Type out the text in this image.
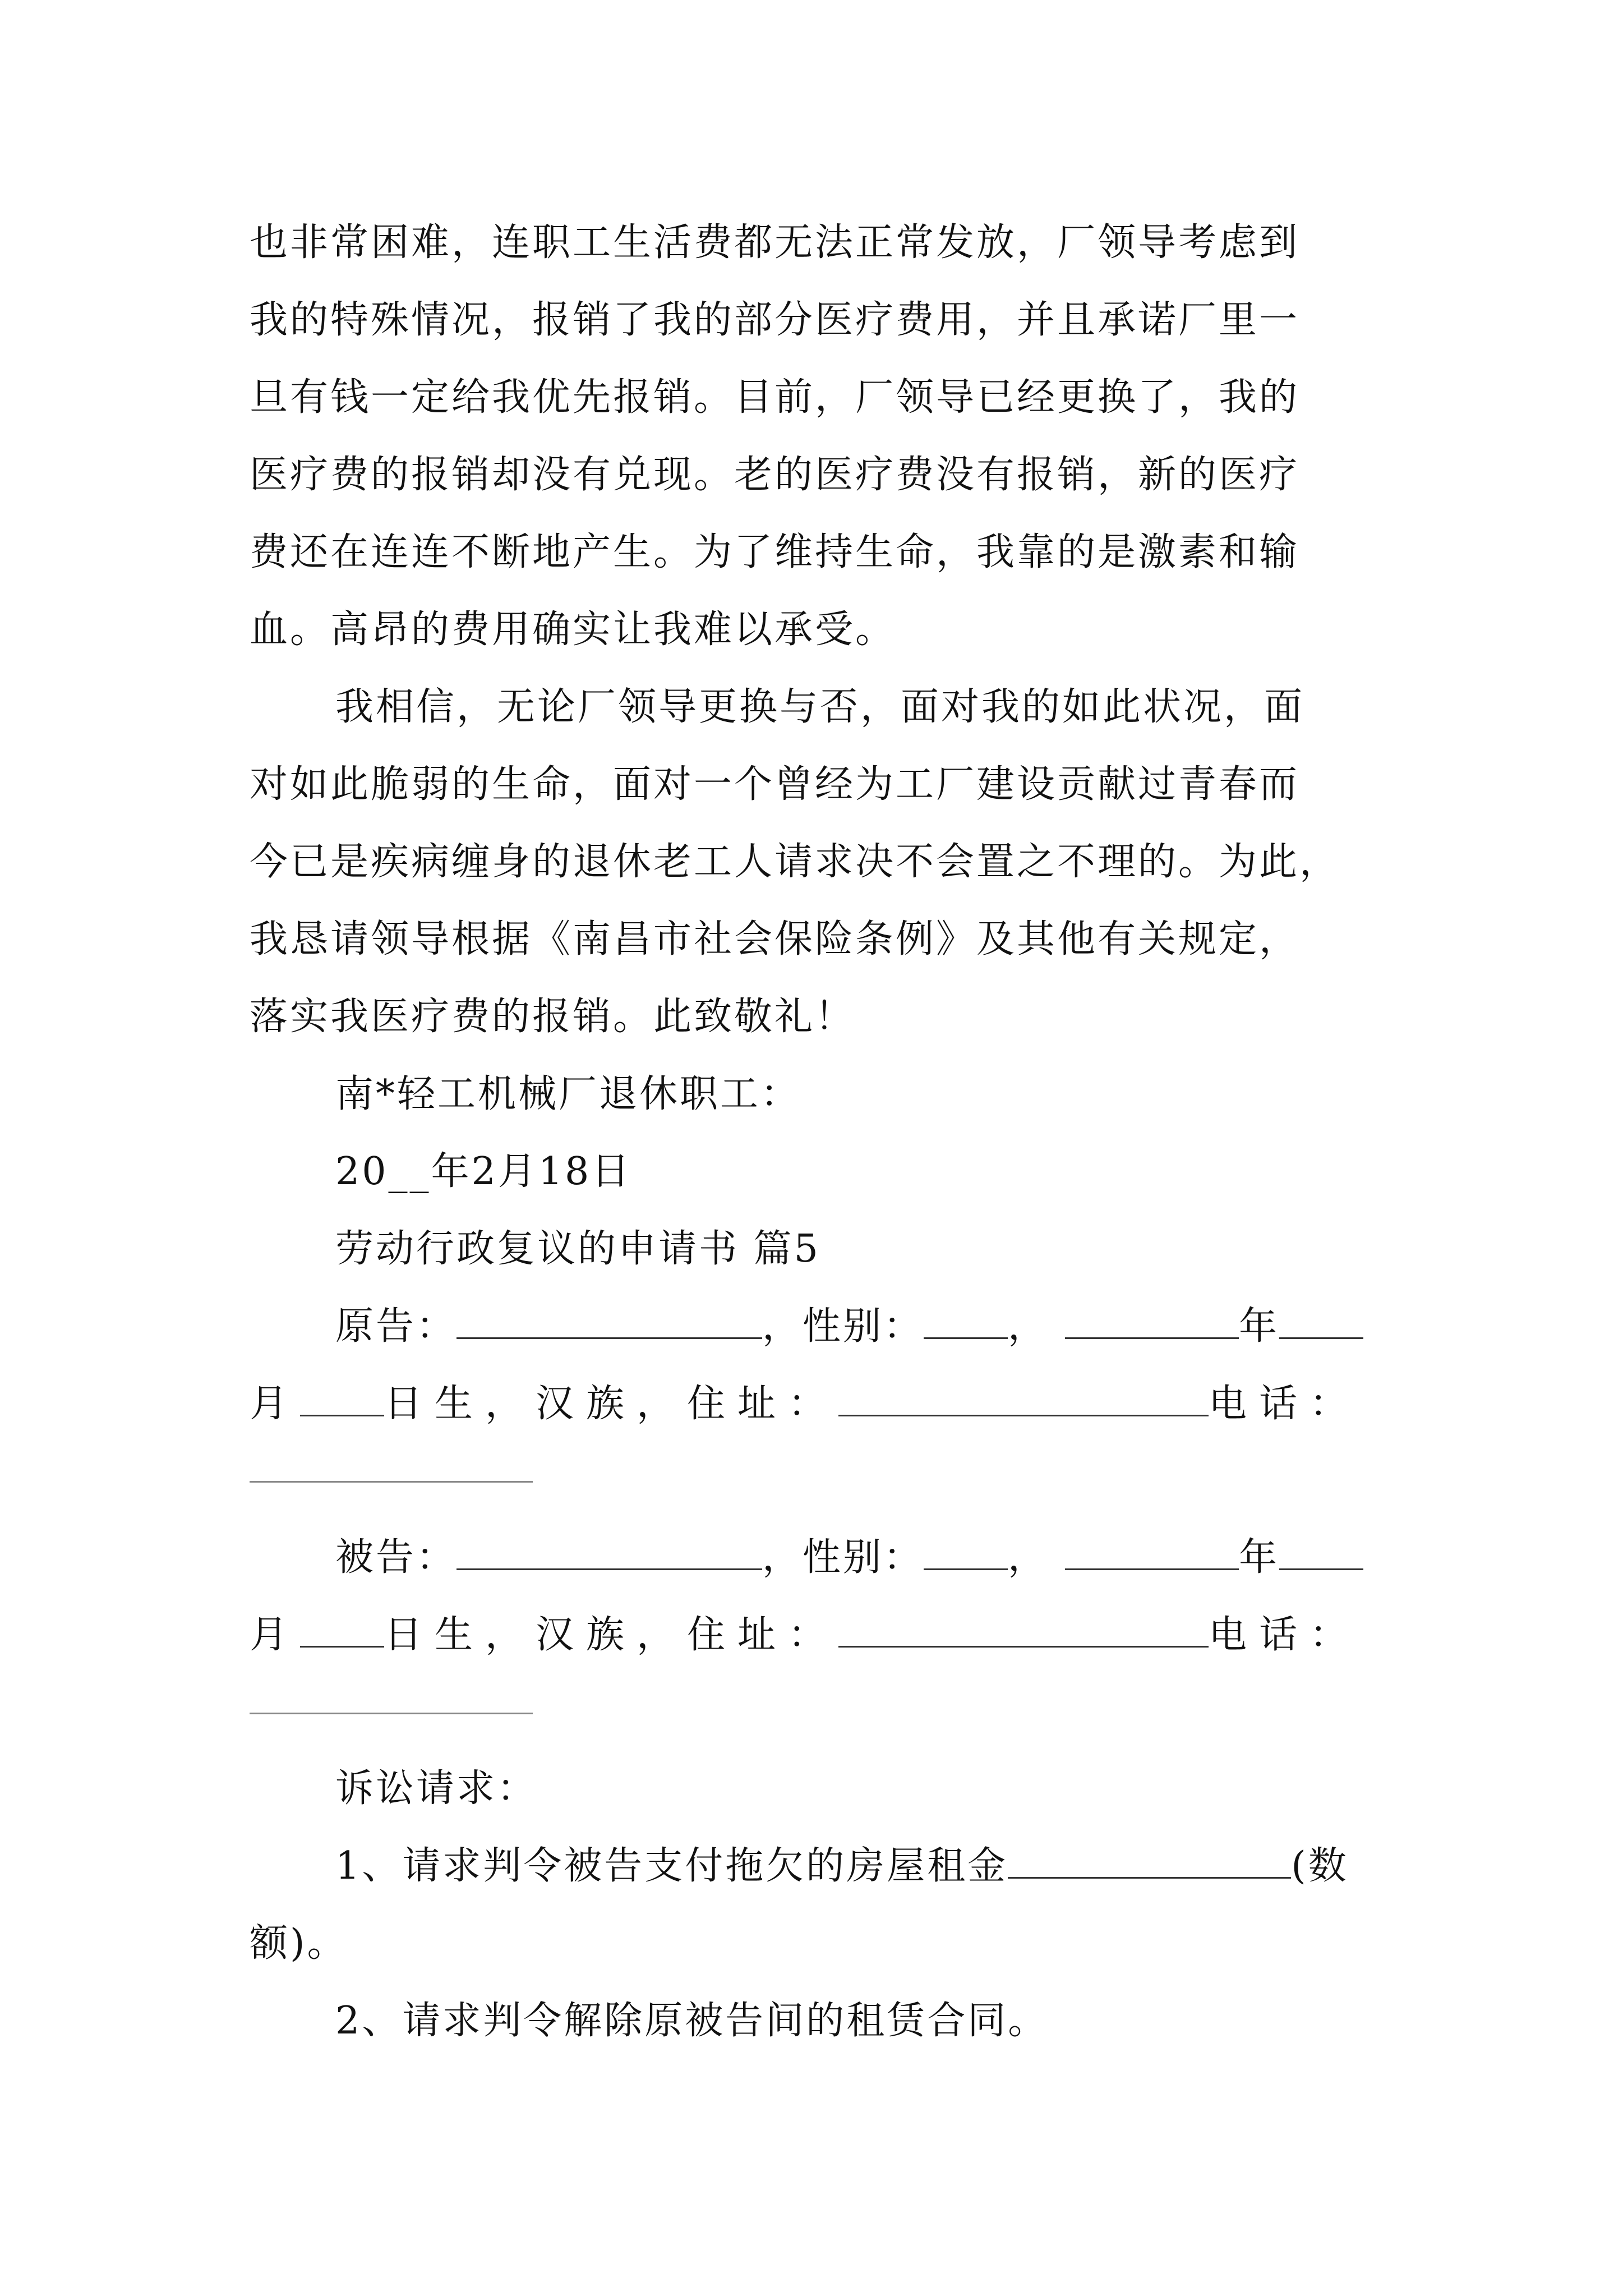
也非常困难，连职工生活费都无法正常发放，厂领导考虑到
我的特殊情况，报销了我的部分医疗费用，并且承诺厂里一
旦有钱一定给我优先报销。目前，厂领导已经更换了，我的
医疗费的报销却没有兑现。老的医疗费没有报销，新的医疗
费还在连连不断地产生。为了维持生命，我靠的是激素和输
血。高昂的费用确实让我难以承受。
我相信，无论厂领导更换与否，面对我的如此状况，面
对如此脆弱的生命，面对一个曾经为工厂建设贡献过青春而
今已是疾病缠身的退休老工人请求决不会置之不理的。为此，
我恳请领导根据《南昌市社会保险条例》及其他有关规定，
落实我医疗费的报销。此致敬礼！
南*轻工机械厂退休职工：
20__年2月18日
劳动行政复议的申请书 篇5
原告：	，性别： ，	年
月 日生，汉族，住址：	电话：
被告：	，性别： ，	年
月 日生，汉族，住址：	电话：
诉讼请求：
1、请求判令被告支付拖欠的房屋租金	(数
额)。
2、请求判令解除原被告间的租赁合同。
